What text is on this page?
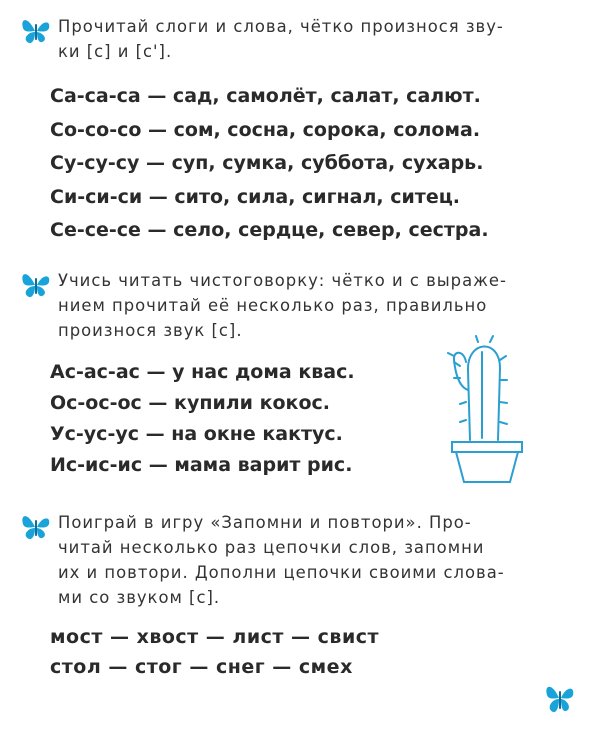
Прочитай слоги и слова, чётко произнося зву-
ки [с] и [с'].
Са-са-са — сад, самолёт, салат, салют.
Со-со-со — сом, сосна, сорока, солома.
Су-су-су — суп, сумка, суббота, сухарь.
Си-си-си — сито, сила, сигнал, ситец.
Се-се-се — село, сердце, север, сестра.
Учись читать чистоговорку: чётко и с выраже-
нием прочитай её несколько раз, правильно
произнося звук [с].
Ас-ас-ас — у нас дома квас.
Ос-ос-ос — купили кокос.
Ус-ус-ус — на окне кактус.
Ис-ис-ис — мама варит рис.
Поиграй в игру «Запомни и повтори». Про-
читай несколько раз цепочки слов, запомни
их и повтори. Дополни цепочки своими слова-
ми со звуком [с].
мост — хвост — лист — свист
стол — стог — снег — смех
